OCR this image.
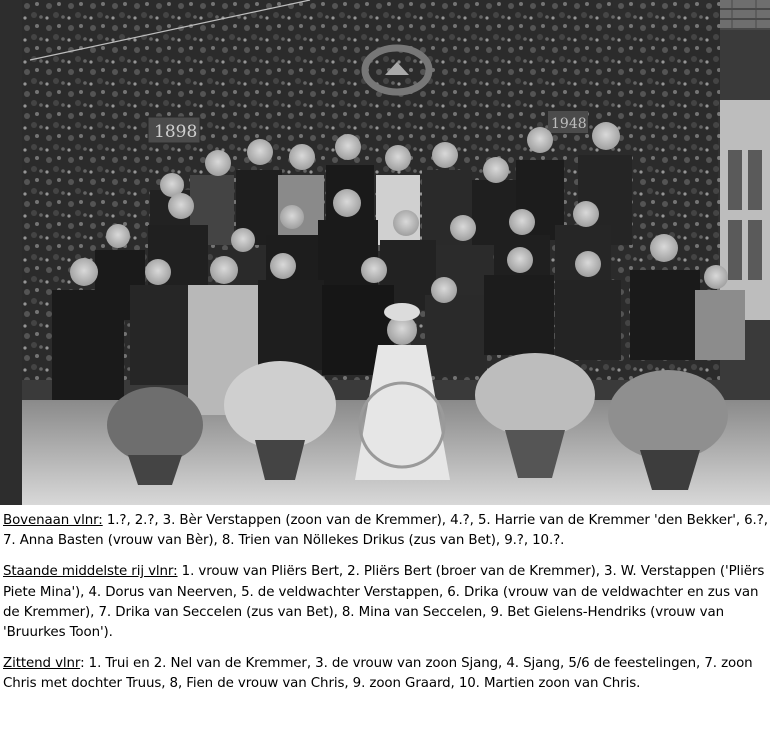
1898	1948

Bovenaan vlnr: 1.?, 2.?, 3. Bèr Verstappen (zoon van de Kremmer), 4.?, 5. Harrie van de Kremmer 'den Bekker', 6.?, 7. Anna Basten (vrouw van Bèr), 8. Trien van Nöllekes Drikus (zus van Bet), 9.?, 10.?.

Staande middelste rij vlnr: 1. vrouw van Pliërs Bert, 2. Pliërs Bert (broer van de Kremmer), 3. W. Verstappen ('Pliërs Piete Mina'), 4. Dorus van Neerven, 5. de veldwachter Verstappen, 6. Drika (vrouw van de veldwachter en zus van de Kremmer), 7. Drika van Seccelen (zus van Bet), 8. Mina van Seccelen, 9. Bet Gielens-Hendriks (vrouw van 'Bruurkes Toon').

Zittend vlnr: 1. Trui en 2. Nel van de Kremmer, 3. de vrouw van zoon Sjang, 4. Sjang, 5/6 de feestelingen, 7. zoon Chris met dochter Truus, 8, Fien de vrouw van Chris, 9. zoon Graard, 10. Martien zoon van Chris.
